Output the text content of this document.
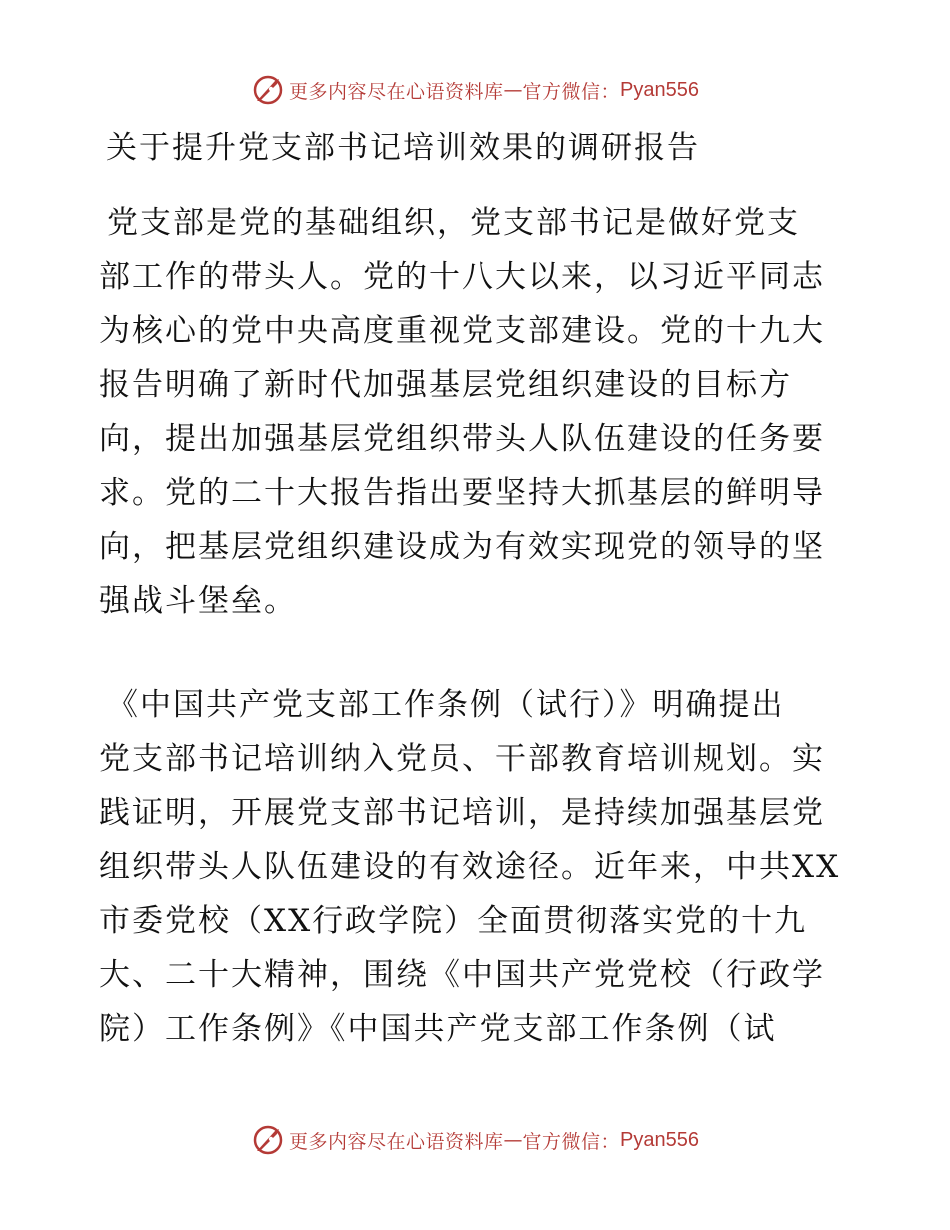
更多内容尽在心语资料库 — 官方微信： Pyan556
关于提升党支部书记培训效果的调研报告
党支部是党的基础组织，党支部书记是做好党支
部工作的带头人。党的十八大以来，以习近平同志
为核心的党中央高度重视党支部建设。党的十九大
报告明确了新时代加强基层党组织建设的目标方
向，提出加强基层党组织带头人队伍建设的任务要
求。党的二十大报告指出要坚持大抓基层的鲜明导
向，把基层党组织建设成为有效实现党的领导的坚
强战斗堡垒。
《中国共产党支部工作条例（试行）》明确提出
党支部书记培训纳入党员、干部教育培训规划。实
践证明，开展党支部书记培训，是持续加强基层党
组织带头人队伍建设的有效途径。近年来，中共XX
市委党校（XX行政学院）全面贯彻落实党的十九
大、二十大精神，围绕《中国共产党党校（行政学
院）工作条例》《中国共产党支部工作条例（试
更多内容尽在心语资料库 — 官方微信： Pyan556
